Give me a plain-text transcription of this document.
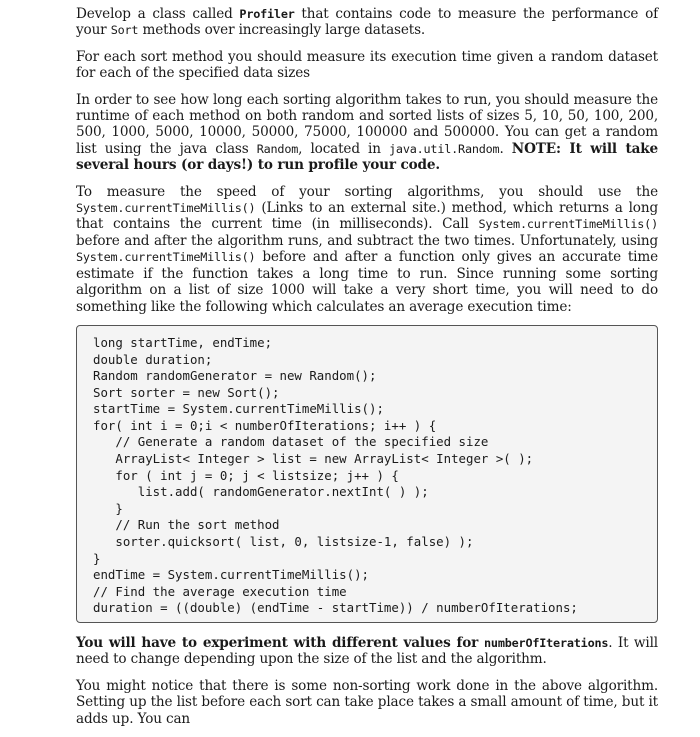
Develop a class called Profiler that contains code to measure the performance of your Sort methods over increasingly large datasets.

For each sort method you should measure its execution time given a random dataset for each of the specified data sizes

In order to see how long each sorting algorithm takes to run, you should measure the runtime of each method on both random and sorted lists of sizes 5, 10, 50, 100, 200, 500, 1000, 5000, 10000, 50000, 75000, 100000 and 500000. You can get a random list using the java class Random, located in java.util.Random. NOTE: It will take several hours (or days!) to run profile your code.

To measure the speed of your sorting algorithms, you should use the System.currentTimeMillis() (Links to an external site.) method, which returns a long that contains the current time (in milliseconds). Call System.currentTimeMillis() before and after the algorithm runs, and subtract the two times. Unfortunately, using System.currentTimeMillis() before and after a function only gives an accurate time estimate if the function takes a long time to run. Since running some sorting algorithm on a list of size 1000 will take a very short time, you will need to do something like the following which calculates an average execution time:

long startTime, endTime;
double duration;
Random randomGenerator = new Random();
Sort sorter = new Sort();
startTime = System.currentTimeMillis();
for( int i = 0;i < numberOfIterations; i++ ) {
// Generate a random dataset of the specified size
ArrayList< Integer > list = new ArrayList< Integer >( );
for ( int j = 0; j < listsize; j++ ) {
list.add( randomGenerator.nextInt( ) );
}
// Run the sort method
sorter.quicksort( list, 0, listsize-1, false) );
}
endTime = System.currentTimeMillis();
// Find the average execution time
duration = ((double) (endTime - startTime)) / numberOfIterations;

You will have to experiment with different values for numberOfIterations. It will need to change depending upon the size of the list and the algorithm.

You might notice that there is some non-sorting work done in the above algorithm. Setting up the list before each sort can take place takes a small amount of time, but it adds up. You can
